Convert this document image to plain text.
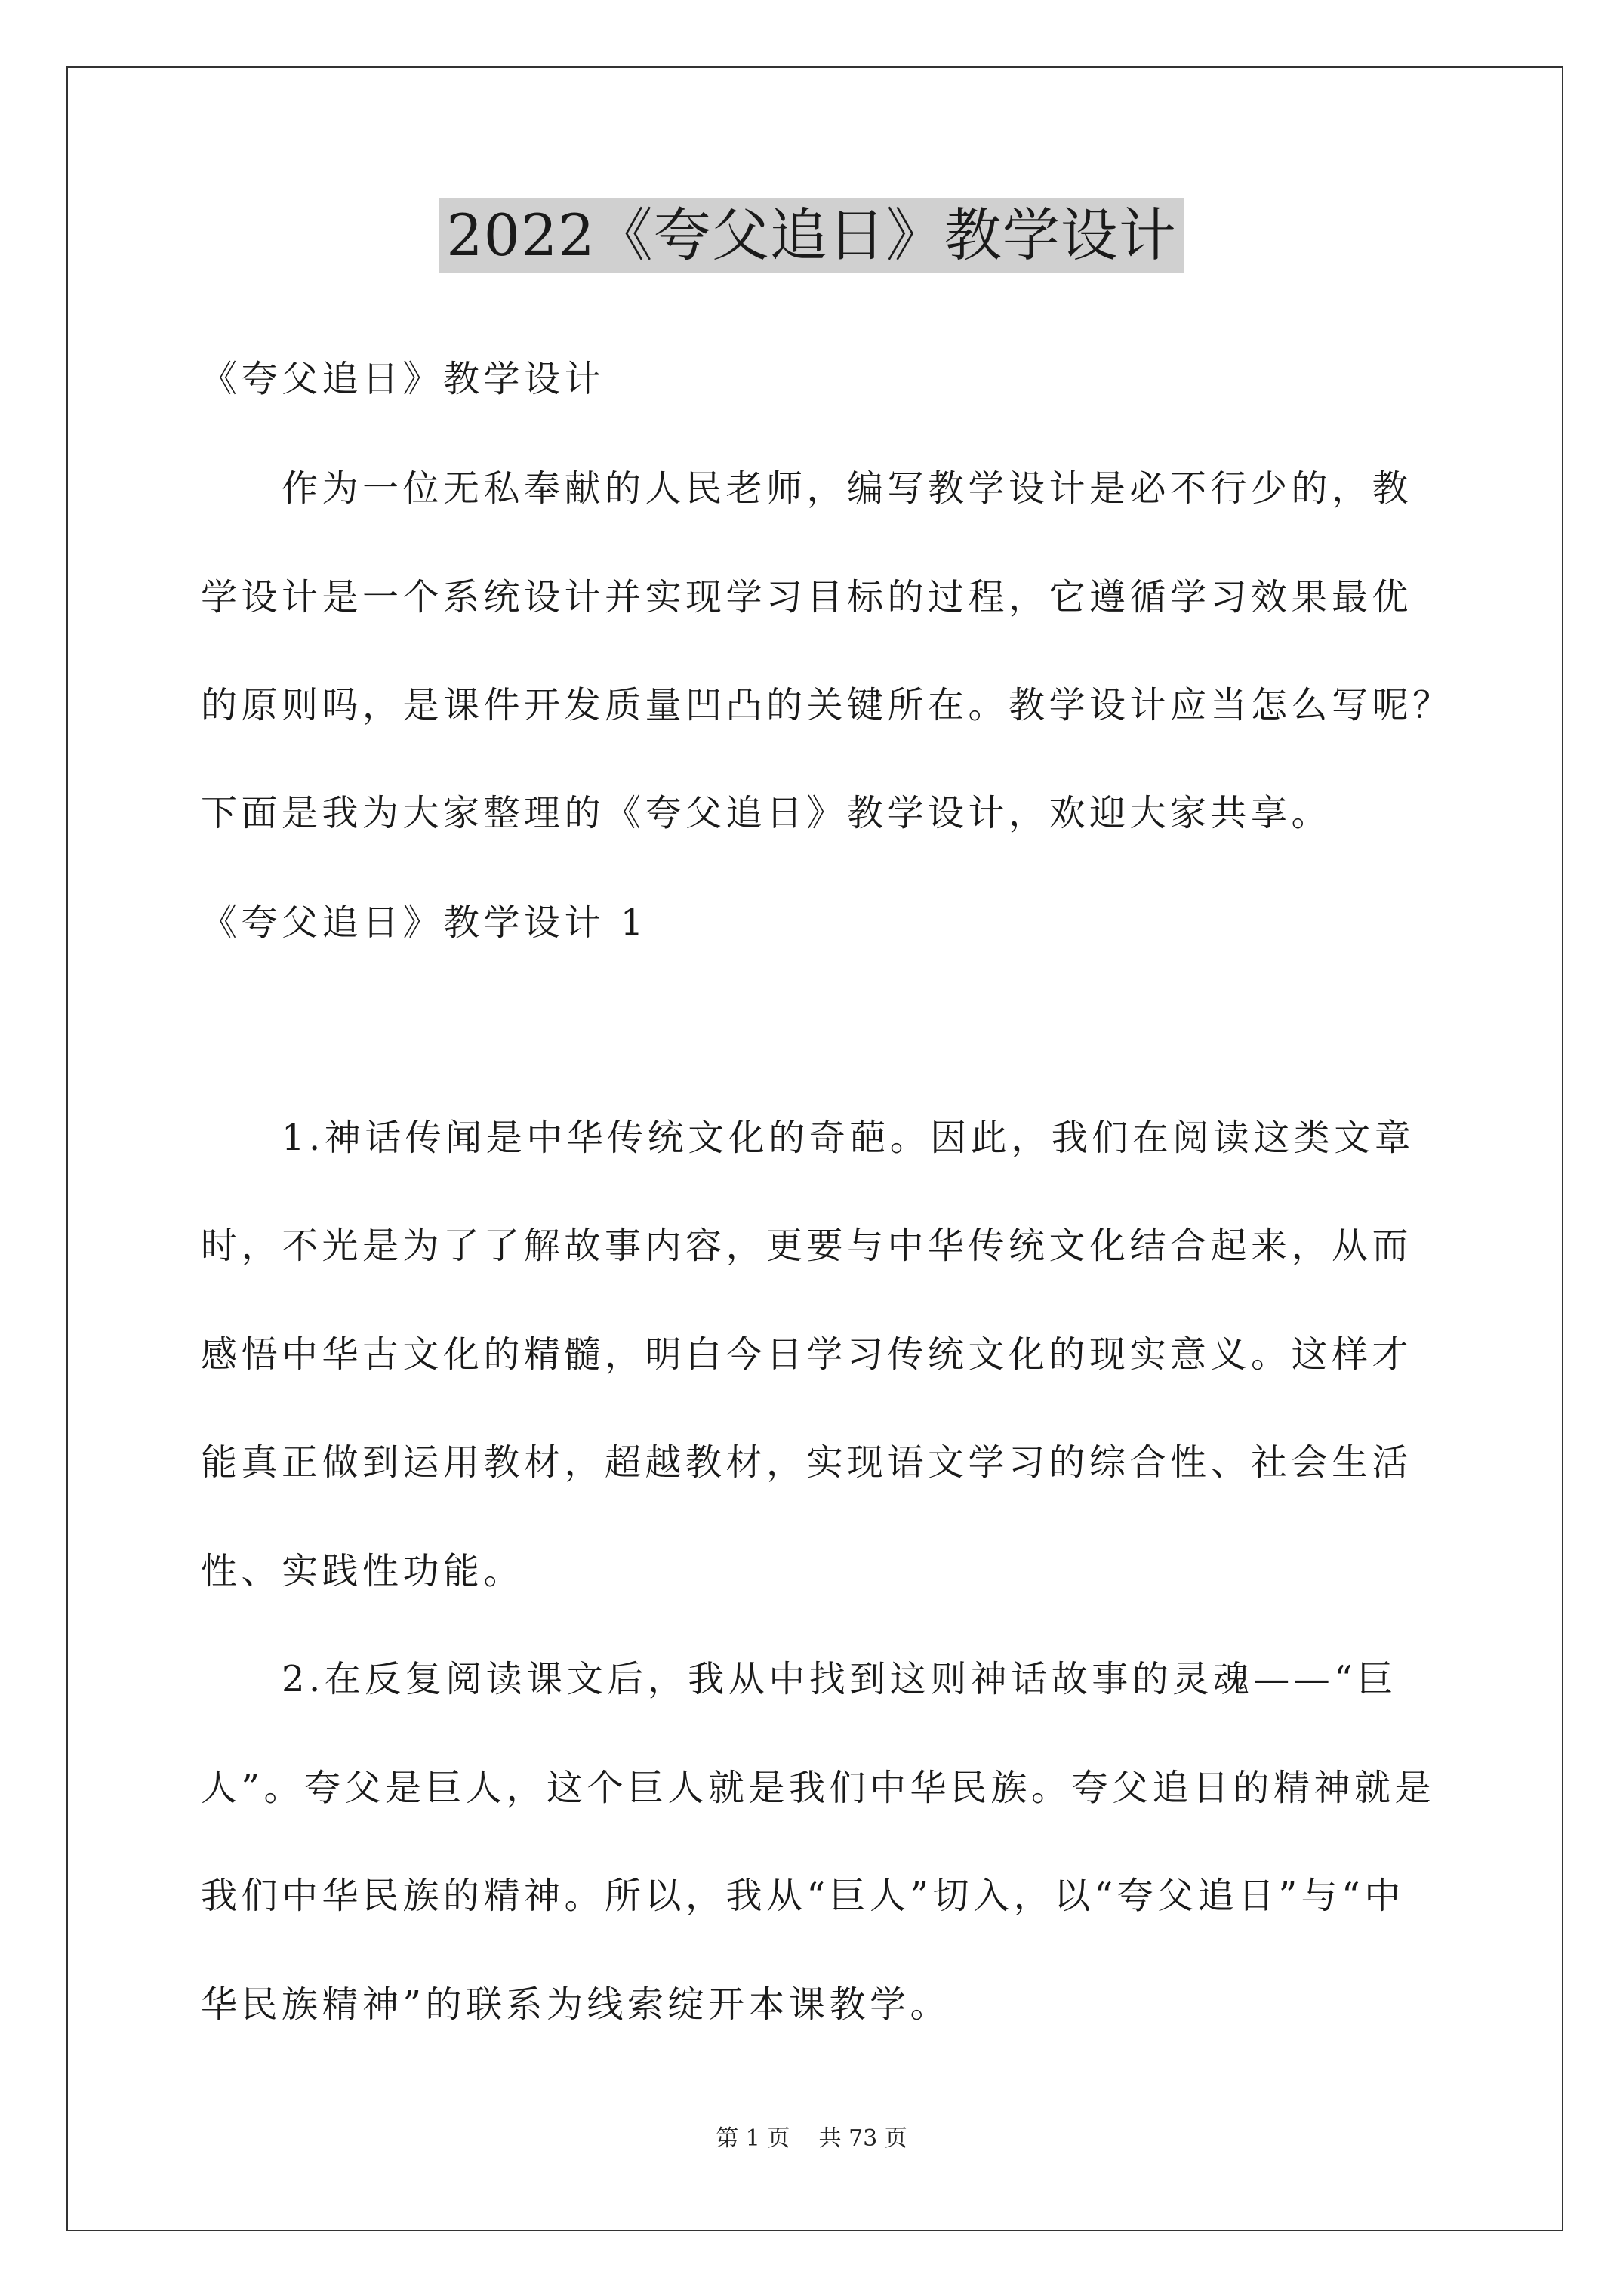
2022《夸父追日》教学设计
《夸父追日》教学设计
　　作为一位无私奉献的人民老师，编写教学设计是必不行少的，教
学设计是一个系统设计并实现学习目标的过程，它遵循学习效果最优
的原则吗，是课件开发质量凹凸的关键所在。教学设计应当怎么写呢？
下面是我为大家整理的《夸父追日》教学设计，欢迎大家共享。
《夸父追日》教学设计 1
　　1.神话传闻是中华传统文化的奇葩。因此，我们在阅读这类文章
时，不光是为了了解故事内容，更要与中华传统文化结合起来，从而
感悟中华古文化的精髓，明白今日学习传统文化的现实意义。这样才
能真正做到运用教材，超越教材，实现语文学习的综合性、社会生活
性、实践性功能。
　　2.在反复阅读课文后，我从中找到这则神话故事的灵魂——“巨
人”。夸父是巨人，这个巨人就是我们中华民族。夸父追日的精神就是
我们中华民族的精神。所以，我从“巨人”切入，以“夸父追日”与“中
华民族精神”的联系为线索绽开本课教学。
第 1 页 共 73 页
